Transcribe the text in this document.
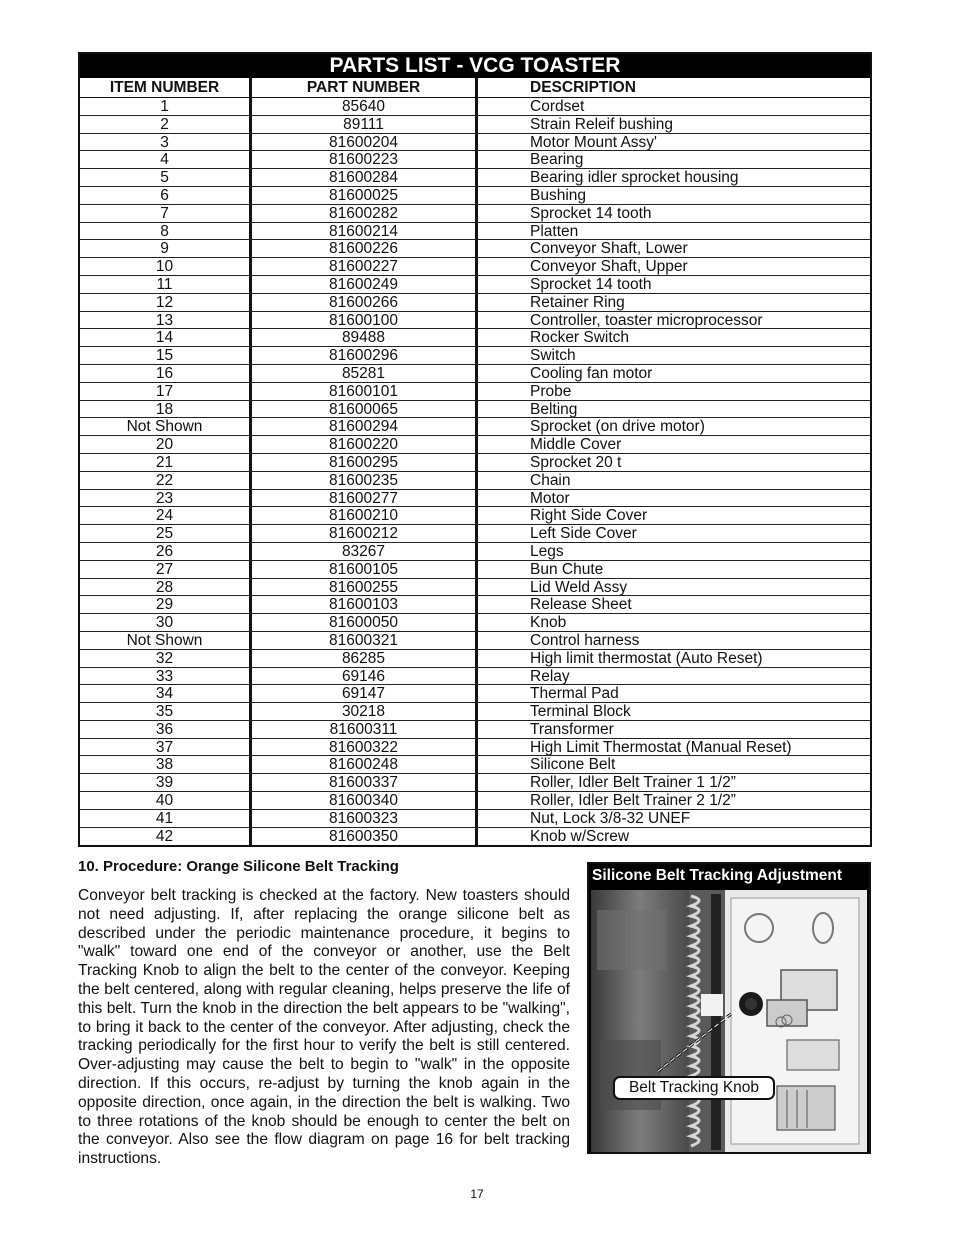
PARTS LIST - VCG TOASTER
ITEM NUMBER	PART NUMBER	DESCRIPTION
1	85640	Cordset
2	89111	Strain Releif bushing
3	81600204	Motor Mount Assy'
4	81600223	Bearing
5	81600284	Bearing idler sprocket housing
6	81600025	Bushing
7	81600282	Sprocket 14 tooth
8	81600214	Platten
9	81600226	Conveyor Shaft, Lower
10	81600227	Conveyor Shaft, Upper
11	81600249	Sprocket 14 tooth
12	81600266	Retainer Ring
13	81600100	Controller, toaster microprocessor
14	89488	Rocker Switch
15	81600296	Switch
16	85281	Cooling fan motor
17	81600101	Probe
18	81600065	Belting
Not Shown	81600294	Sprocket (on drive motor)
20	81600220	Middle Cover
21	81600295	Sprocket 20 t
22	81600235	Chain
23	81600277	Motor
24	81600210	Right Side Cover
25	81600212	Left Side Cover
26	83267	Legs
27	81600105	Bun Chute
28	81600255	Lid Weld Assy
29	81600103	Release Sheet
30	81600050	Knob
Not Shown	81600321	Control harness
32	86285	High limit thermostat (Auto Reset)
33	69146	Relay
34	69147	Thermal Pad
35	30218	Terminal Block
36	81600311	Transformer
37	81600322	High Limit Thermostat (Manual Reset)
38	81600248	Silicone Belt
39	81600337	Roller, Idler Belt Trainer 1 1/2”
40	81600340	Roller, Idler Belt Trainer 2 1/2”
41	81600323	Nut, Lock 3/8-32 UNEF
42	81600350	Knob w/Screw

10. Procedure: Orange Silicone Belt Tracking

Conveyor belt tracking is checked at the factory. New toasters should not need adjusting. If, after replacing the orange silicone belt as described under the periodic maintenance procedure, it begins to "walk" toward one end of the conveyor or another, use the Belt Tracking Knob to align the belt to the center of the conveyor. Keeping the belt centered, along with regular cleaning, helps preserve the life of this belt. Turn the knob in the direction the belt appears to be "walking", to bring it back to the center of the conveyor. After adjusting, check the tracking periodically for the first hour to verify the belt is still centered. Over-adjusting may cause the belt to begin to "walk" in the opposite direction. If this occurs, re-adjust by turning the knob again in the opposite direction, once again, in the direction the belt is walking. Two to three rotations of the knob should be enough to center the belt on the conveyor. Also see the flow diagram on page 16 for belt tracking instructions.

Silicone Belt Tracking Adjustment
Belt Tracking Knob
17
